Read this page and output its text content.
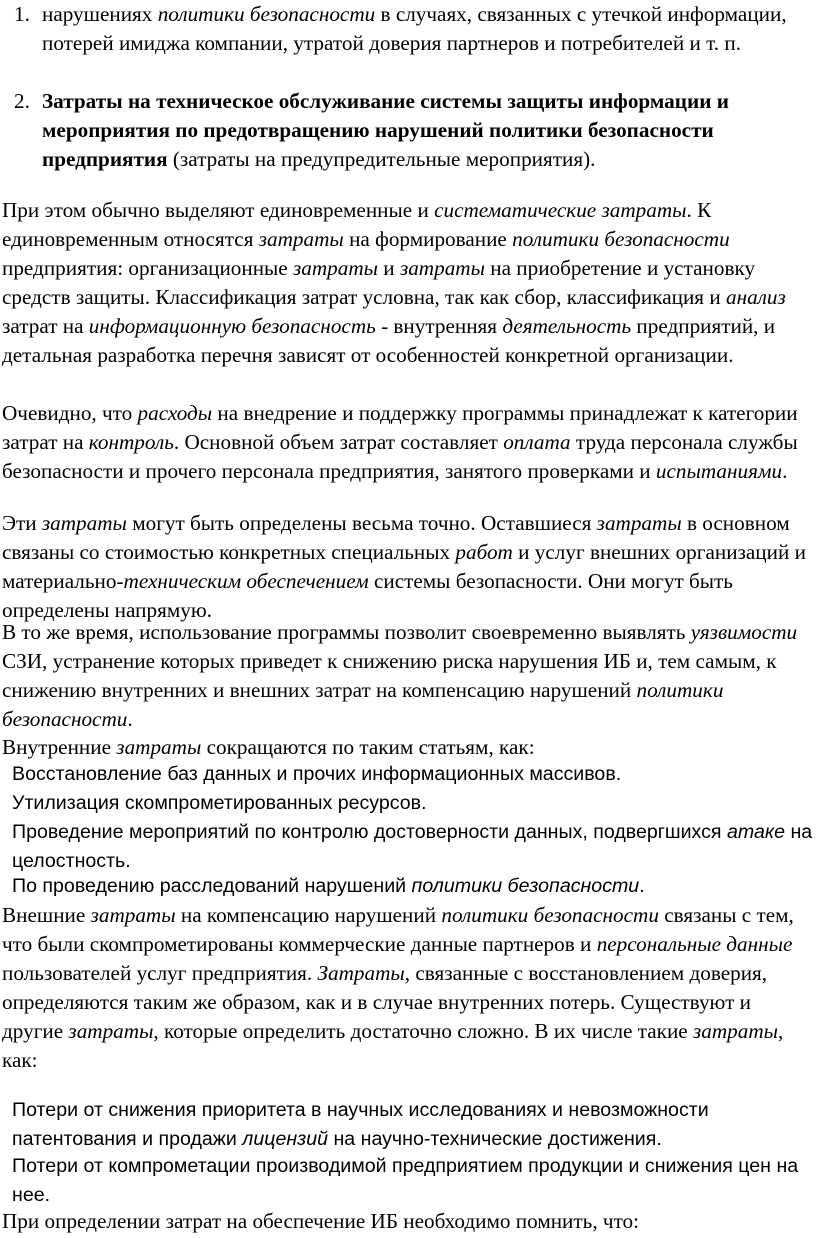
1. нарушениях политики безопасности в случаях, связанных с утечкой информации, потерей имиджа компании, утратой доверия партнеров и потребителей и т. п.
2. Затраты на техническое обслуживание системы защиты информации и мероприятия по предотвращению нарушений политики безопасности предприятия (затраты на предупредительные мероприятия).
При этом обычно выделяют единовременные и систематические затраты. К единовременным относятся затраты на формирование политики безопасности предприятия: организационные затраты и затраты на приобретение и установку средств защиты. Классификация затрат условна, так как сбор, классификация и анализ затрат на информационную безопасность - внутренняя деятельность предприятий, и детальная разработка перечня зависят от особенностей конкретной организации.
Очевидно, что расходы на внедрение и поддержку программы принадлежат к категории затрат на контроль. Основной объем затрат составляет оплата труда персонала службы безопасности и прочего персонала предприятия, занятого проверками и испытаниями.
Эти затраты могут быть определены весьма точно. Оставшиеся затраты в основном связаны со стоимостью конкретных специальных работ и услуг внешних организаций и материально-техническим обеспечением системы безопасности. Они могут быть определены напрямую.
В то же время, использование программы позволит своевременно выявлять уязвимости СЗИ, устранение которых приведет к снижению риска нарушения ИБ и, тем самым, к снижению внутренних и внешних затрат на компенсацию нарушений политики безопасности.
Внутренние затраты сокращаются по таким статьям, как:
Восстановление баз данных и прочих информационных массивов.
Утилизация скомпрометированных ресурсов.
Проведение мероприятий по контролю достоверности данных, подвергшихся атаке на целостность.
По проведению расследований нарушений политики безопасности.
Внешние затраты на компенсацию нарушений политики безопасности связаны с тем, что были скомпрометированы коммерческие данные партнеров и персональные данные пользователей услуг предприятия. Затраты, связанные с восстановлением доверия, определяются таким же образом, как и в случае внутренних потерь. Существуют и другие затраты, которые определить достаточно сложно. В их числе такие затраты, как:
Потери от снижения приоритета в научных исследованиях и невозможности патентования и продажи лицензий на научно-технические достижения.
Потери от компрометации производимой предприятием продукции и снижения цен на нее.
При определении затрат на обеспечение ИБ необходимо помнить, что:
